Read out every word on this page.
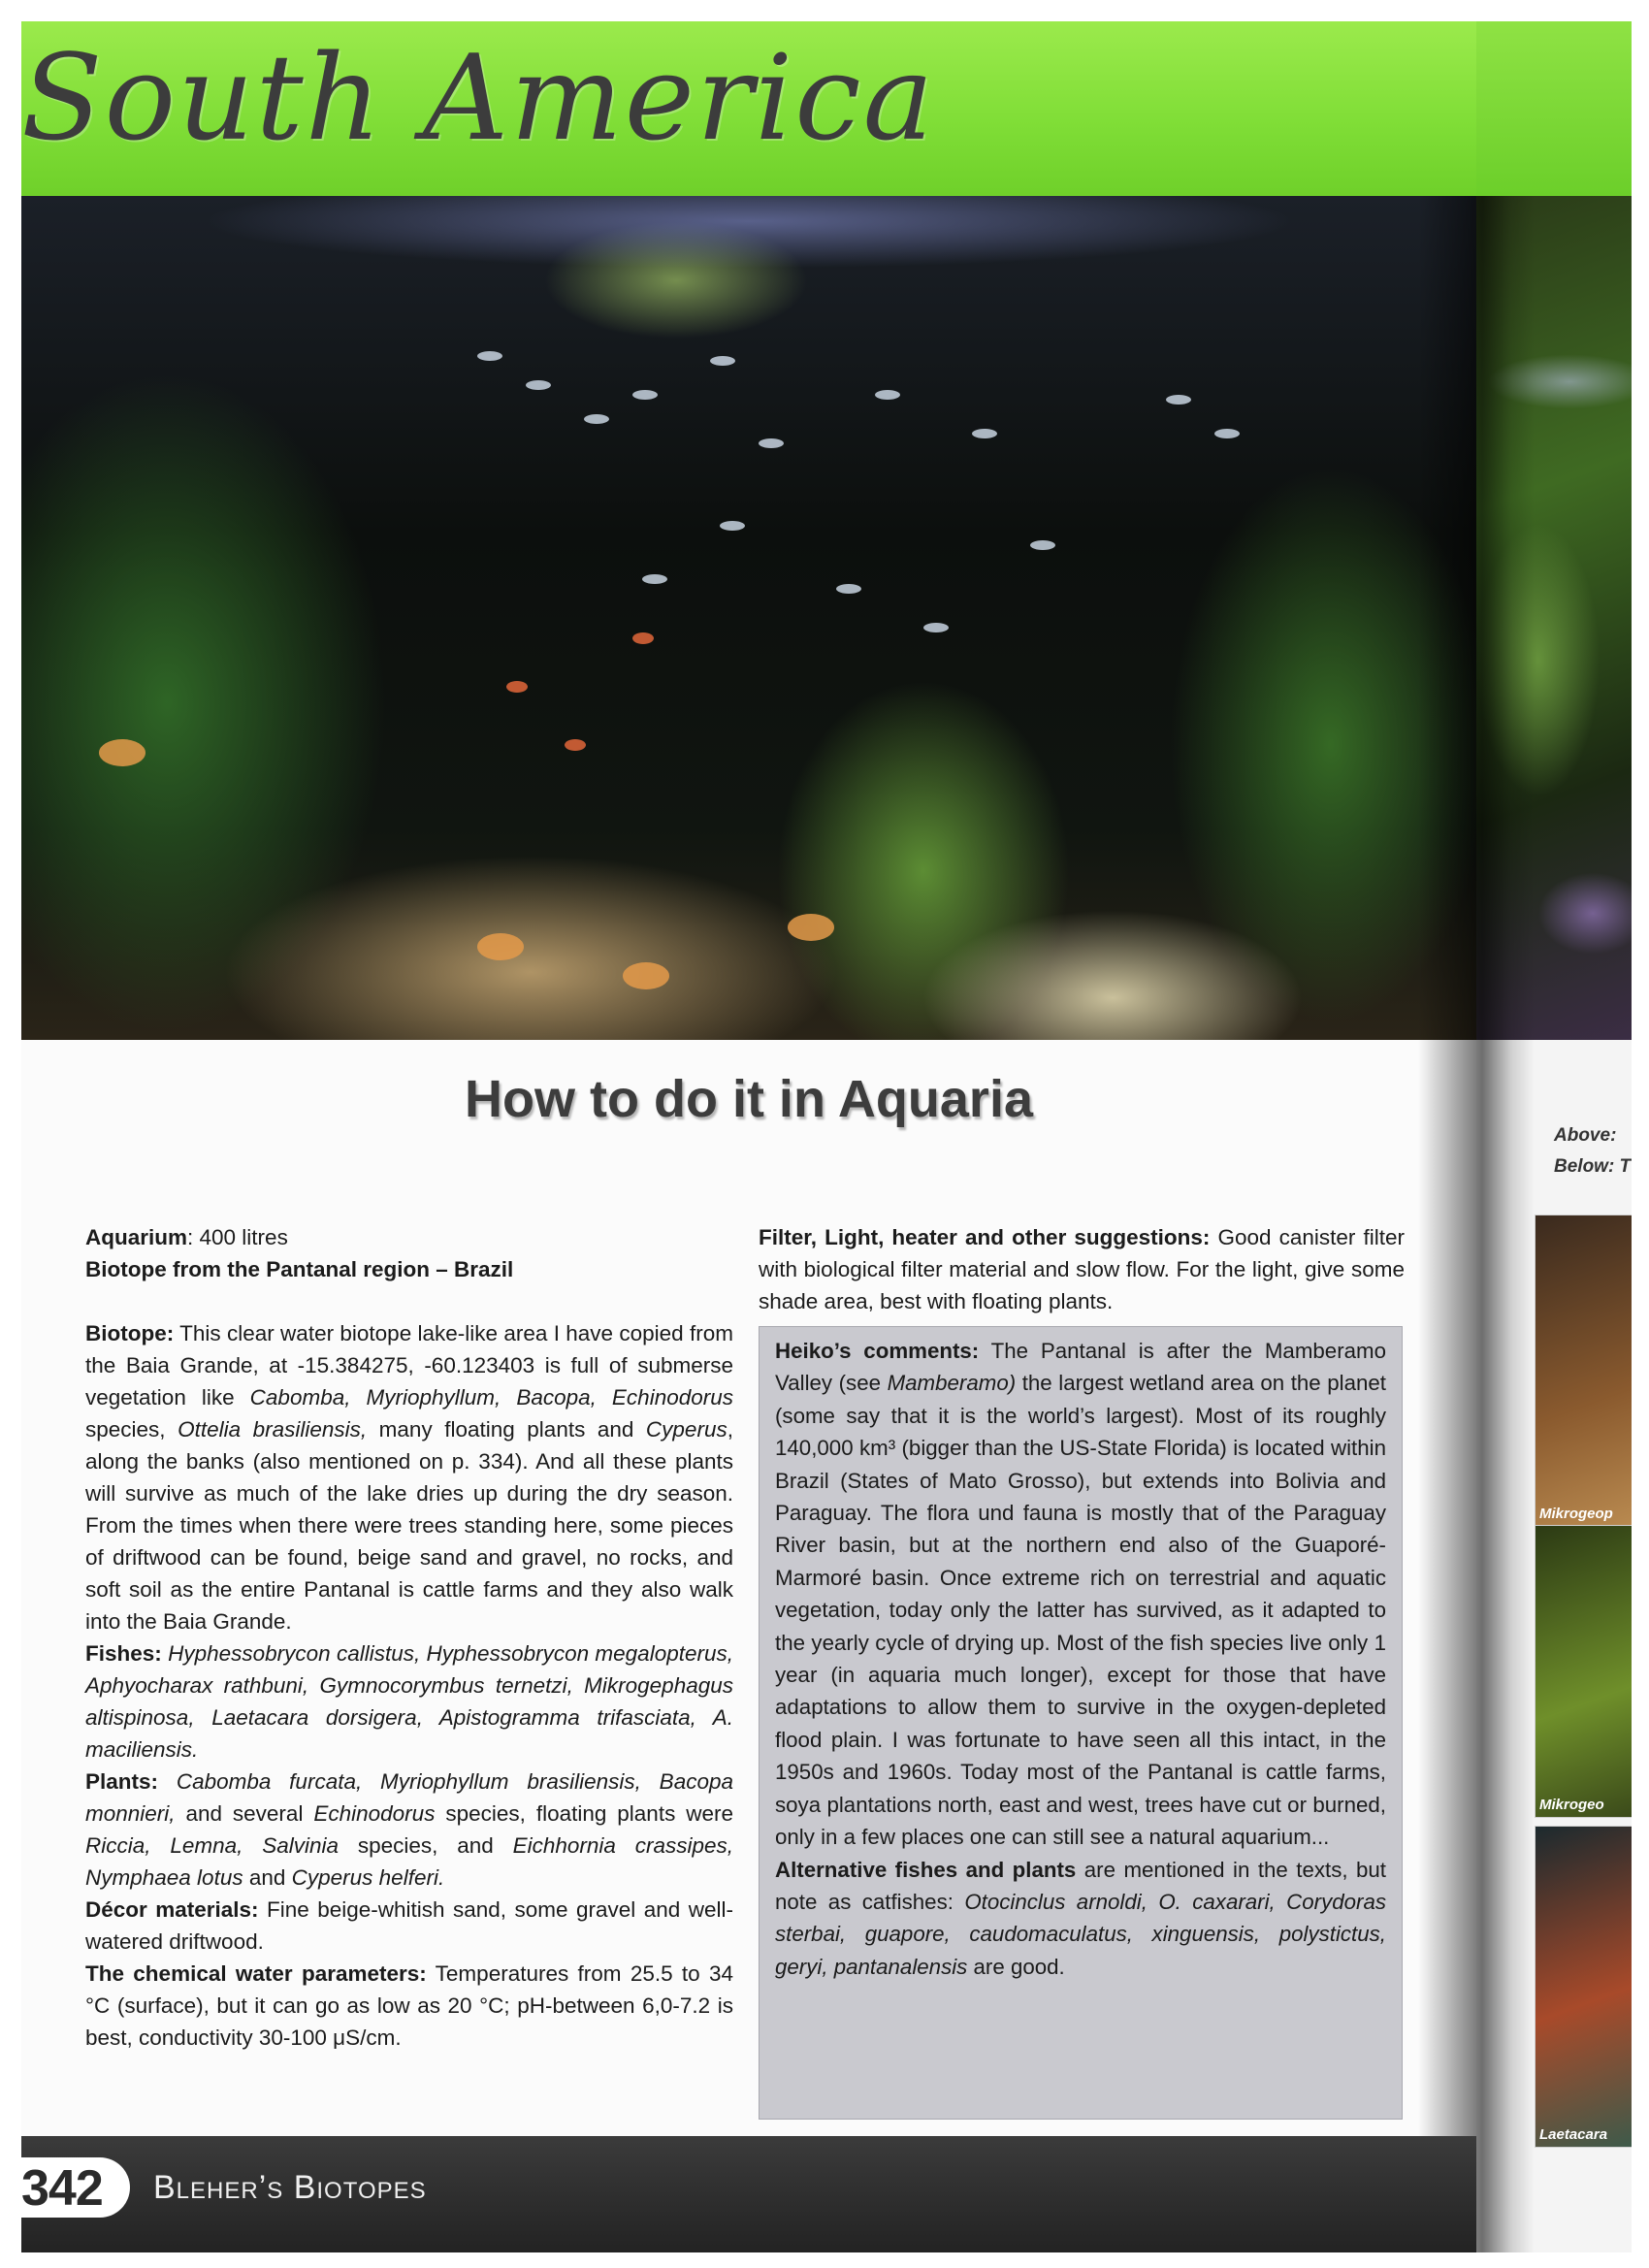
Above:
Below: T
Mikrogeop
Mikrogeo
Laetacara
South America
How to do it in Aquaria

Aquarium: 400 litres

Biotope from the Pantanal region – Brazil

Biotope: This clear water biotope lake-like area I have copied from the Baia Grande, at -15.384275, -60.123403 is full of submerse vegetation like Cabomba, Myriophyllum, Bacopa, Echinodorus species, Ottelia brasiliensis, many floating plants and Cyperus, along the banks (also mentioned on p. 334). And all these plants will survive as much of the lake dries up during the dry season. From the times when there were trees standing here, some pieces of driftwood can be found, beige sand and gravel, no rocks, and soft soil as the entire Pantanal is cattle farms and they also walk into the Baia Grande.

Fishes: Hyphessobrycon callistus, Hyphessobrycon megalopterus, Aphyocharax rathbuni, Gymnocorymbus ternetzi, Mikrogephagus altispinosa, Laetacara dorsigera, Apistogramma trifasciata, A. maciliensis.

Plants: Cabomba furcata, Myriophyllum brasiliensis, Bacopa monnieri, and several Echinodorus species, floating plants were Riccia, Lemna, Salvinia species, and Eichhornia crassipes, Nymphaea lotus and Cyperus helferi.

Décor materials: Fine beige-whitish sand, some gravel and well-watered driftwood.

The chemical water parameters: Temperatures from 25.5 to 34 °C (surface), but it can go as low as 20 °C; pH-between 6,0-7.2 is best, conductivity 30-100 μS/cm.

Filter, Light, heater and other suggestions: Good canister filter with biological filter material and slow flow. For the light, give some shade area, best with floating plants.

Heiko’s comments: The Pantanal is after the Mamberamo Valley (see Mamberamo) the largest wetland area on the planet (some say that it is the world’s largest). Most of its roughly 140,000 km³ (bigger than the US-State Florida) is located within Brazil (States of Mato Grosso), but extends into Bolivia and Paraguay. The flora und fauna is mostly that of the Paraguay River basin, but at the northern end also of the Guaporé-Marmoré basin. Once extreme rich on terrestrial and aquatic vegetation, today only the latter has survived, as it adapted to the yearly cycle of drying up. Most of the fish species live only 1 year (in aquaria much longer), except for those that have adaptations to allow them to survive in the oxygen-depleted flood plain. I was fortunate to have seen all this intact, in the 1950s and 1960s. Today most of the Pantanal is cattle farms, soya plantations north, east and west, trees have cut or burned, only in a few places one can still see a natural aquarium...

Alternative fishes and plants are mentioned in the texts, but note as catfishes: Otocinclus arnoldi, O. caxarari, Corydoras sterbai, guapore, caudomaculatus, xinguensis, polystictus, geryi, pantanalensis are good.

342 Bleher’s Biotopes
